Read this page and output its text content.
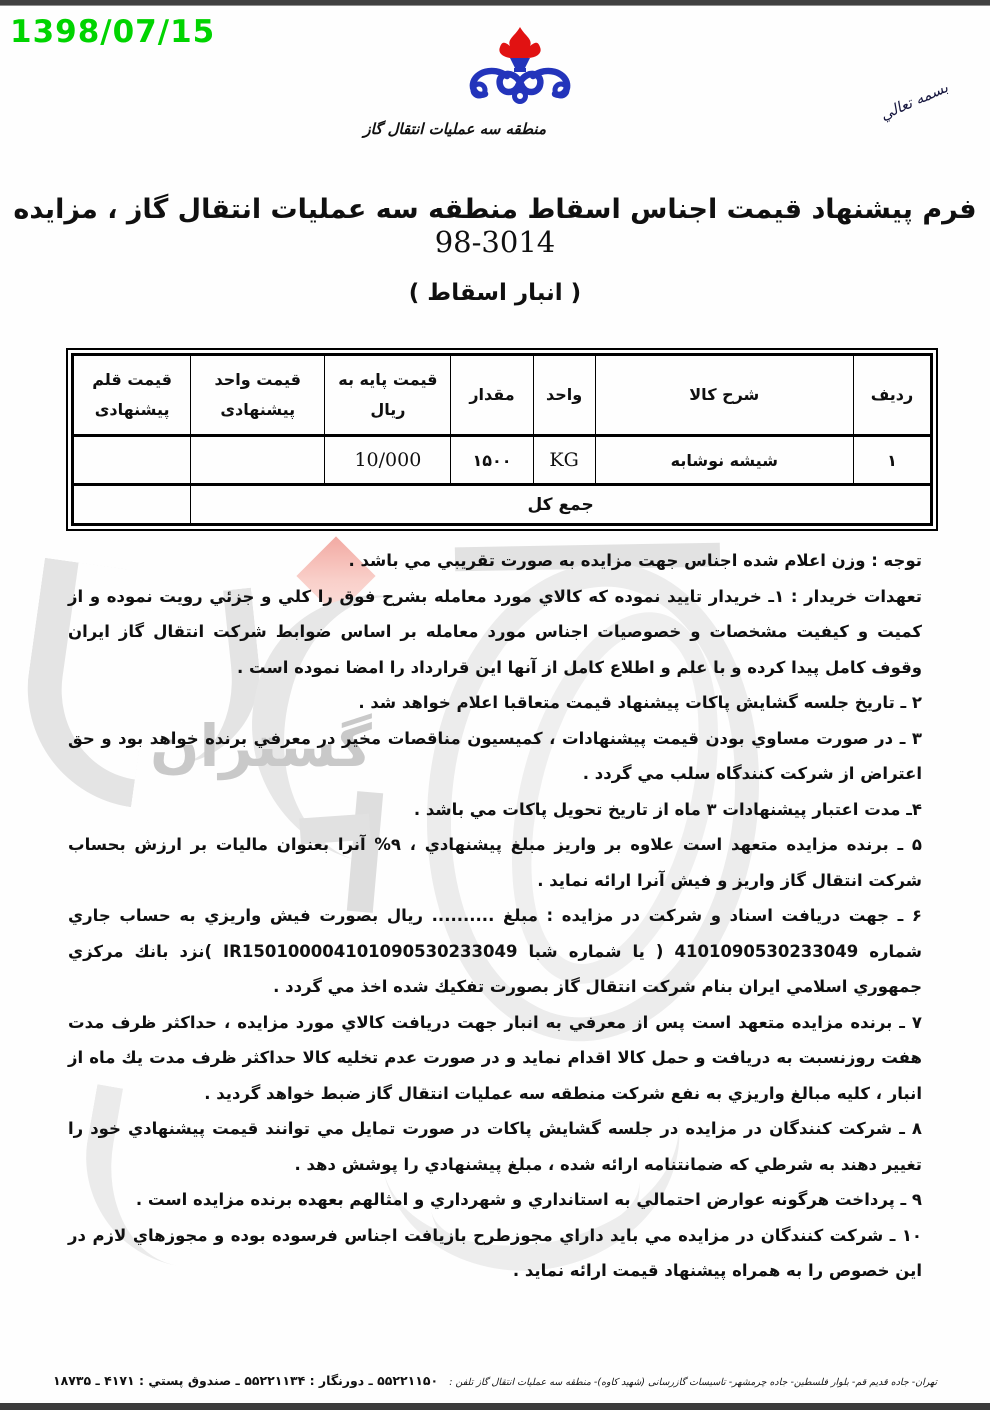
گستران
1398/07/15
منطقه سه عملیات انتقال گاز
بسمه تعالي
فرم پیشنهاد قیمت اجناس اسقاط منطقه سه عملیات انتقال گاز ، مزایده 98-3014
( انبار اسقاط )
ردیف	شرح کالا	واحد	مقدار	قیمت پایه به ریال	قیمت واحد پیشنهادی	قیمت قلم پیشنهادی
۱	شیشه نوشابه	KG	۱۵۰۰	10/000		
جمع کل						

توجه : وزن اعلام شده اجناس جهت مزایده به صورت تقریبي مي باشد .

تعهدات خریدار : ۱ـ خریدار تایید نموده که کالاي مورد معامله بشرح فوق را کلي و جزئي رویت نموده و از کمیت و کیفیت مشخصات و خصوصیات اجناس مورد معامله بر اساس ضوابط شرکت انتقال گاز ایران وقوف کامل پیدا کرده و با علم و اطلاع کامل از آنها این قرارداد را امضا نموده است .

۲ ـ تاریخ جلسه گشایش پاکات پیشنهاد قیمت متعاقبا اعلام خواهد شد .

۳ ـ در صورت مساوي بودن قیمت پیشنهادات ، کمیسیون مناقصات مخیر در معرفي برنده خواهد بود و حق اعتراض از شرکت کنندگاه سلب مي گردد .

۴ـ مدت اعتبار پیشنهادات ۳ ماه از تاریخ تحویل پاکات مي باشد .

۵ ـ برنده مزایده متعهد است علاوه بر واریز مبلغ پیشنهادي ، ۹% آنرا بعنوان مالیات بر ارزش بحساب شرکت انتقال گاز واریز و فیش آنرا ارائه نماید .

۶ ـ جهت دریافت اسناد و شرکت در مزایده : مبلغ .......... ریال بصورت فیش واریزي به حساب جاري شماره 4101090530233049 ( یا شماره شبا IR150100004101090530233049 )نزد بانك مرکزي جمهوري اسلامي ایران بنام شرکت انتقال گاز بصورت تفکیك شده اخذ مي گردد .

۷ ـ برنده مزایده متعهد است پس از معرفي به انبار جهت دریافت کالاي مورد مزایده ، حداکثر ظرف مدت هفت روزنسبت به دریافت و حمل کالا اقدام نماید و در صورت عدم تخلیه کالا حداکثر ظرف مدت یك ماه از انبار ، کلیه مبالغ واریزي به نفع شرکت منطقه سه عملیات انتقال گاز ضبط خواهد گردید .

۸ ـ شرکت کنندگان در مزایده در جلسه گشایش پاکات در صورت تمایل مي توانند قیمت پیشنهادي خود را تغییر دهند به شرطي که ضمانتنامه ارائه شده ، مبلغ پیشنهادي را پوشش دهد .

۹ ـ پرداخت هرگونه عوارض احتمالي به استانداري و شهرداري و امثالهم بعهده برنده مزایده است .

۱۰ ـ شرکت کنندگان در مزایده مي باید داراي مجوزطرح بازیافت اجناس فرسوده بوده و مجوزهاي لازم در این خصوص را به همراه پیشنهاد قیمت ارائه نماید .

تهران- جاده قدیم قم- بلوار فلسطین- جاده چرمشهر- تاسیسات گازرسانی (شهید کاوه)- منطقه سه عملیات انتقال گاز تلفن : ۵۵۲۲۱۱۵۰ ـ دورنگار : ۵۵۲۲۱۱۳۴ ـ صندوق پستي : ۴۱۷۱ ـ ۱۸۷۳۵
